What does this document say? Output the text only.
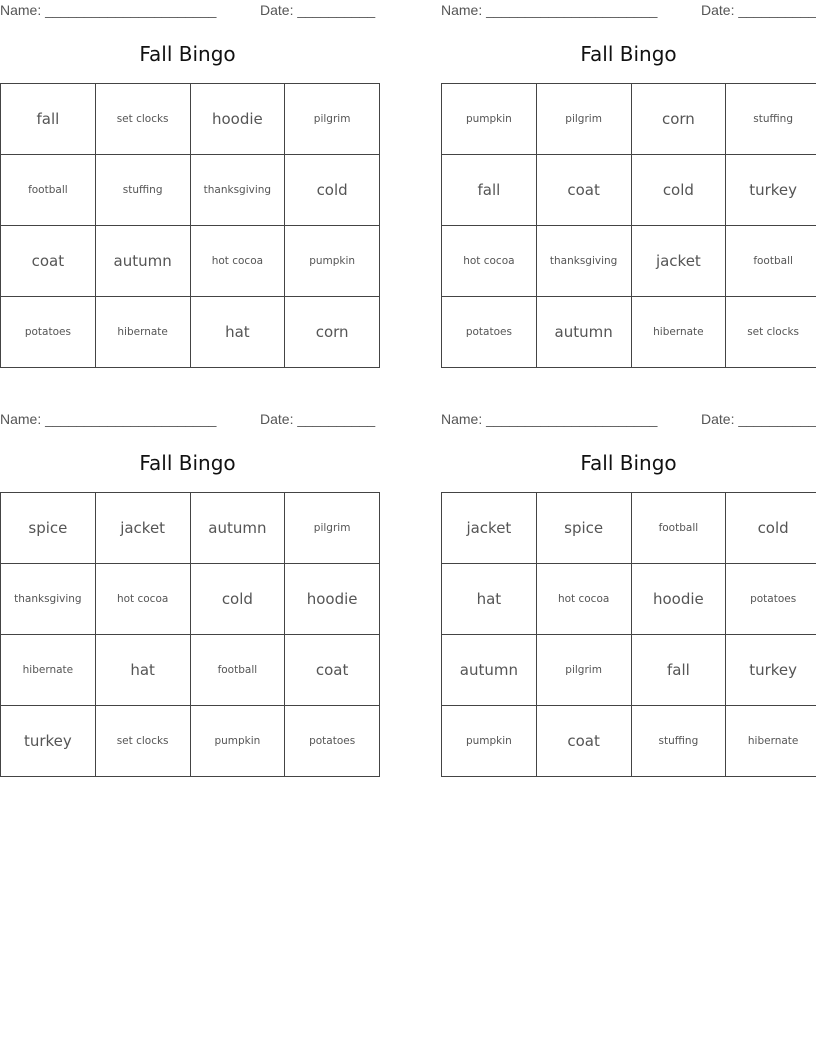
Name: ______________________	Date: __________
Fall Bingo
fall	set clocks	hoodie	pilgrim
football	stuffing	thanksgiving	cold
coat	autumn	hot cocoa	pumpkin
potatoes	hibernate	hat	corn
Name: ______________________	Date: __________
Fall Bingo
pumpkin	pilgrim	corn	stuffing
fall	coat	cold	turkey
hot cocoa	thanksgiving	jacket	football
potatoes	autumn	hibernate	set clocks
Name: ______________________	Date: __________
Fall Bingo
spice	jacket	autumn	pilgrim
thanksgiving	hot cocoa	cold	hoodie
hibernate	hat	football	coat
turkey	set clocks	pumpkin	potatoes
Name: ______________________	Date: __________
Fall Bingo
jacket	spice	football	cold
hat	hot cocoa	hoodie	potatoes
autumn	pilgrim	fall	turkey
pumpkin	coat	stuffing	hibernate
